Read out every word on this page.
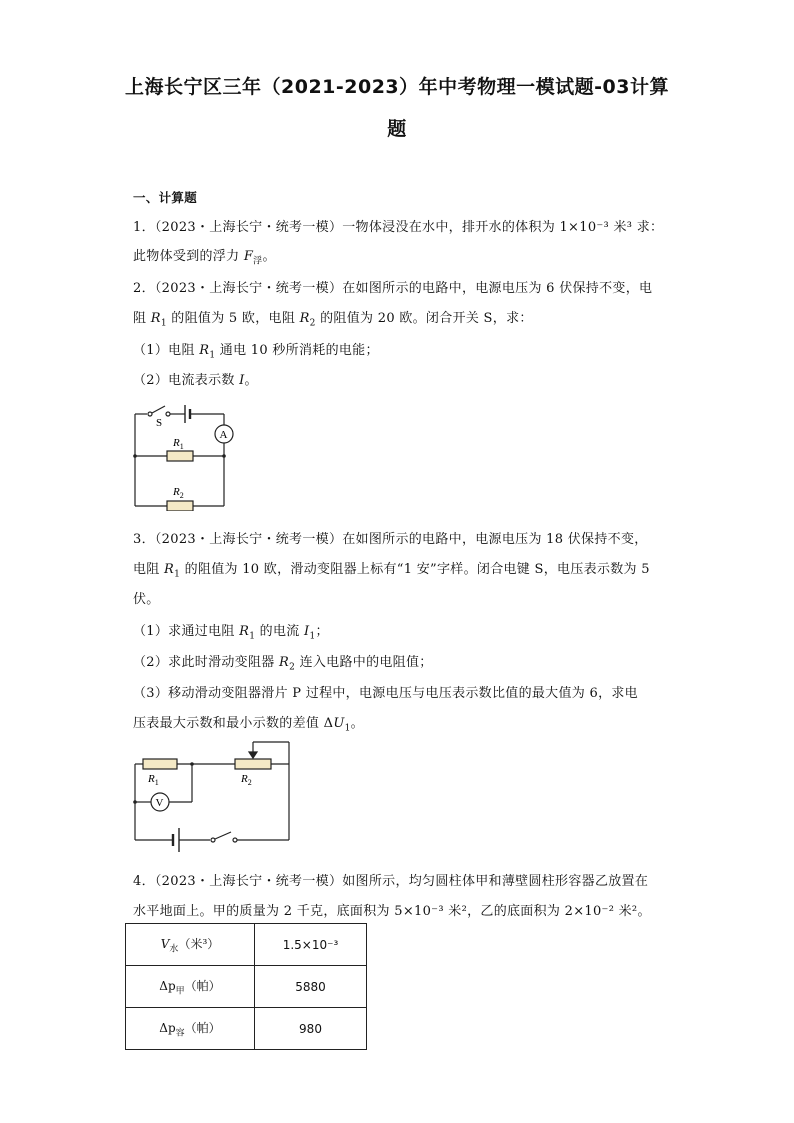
上海长宁区三年（2021-2023）年中考物理一模试题-03计算
题
一、计算题
1．（2023・上海长宁・统考一模）一物体浸没在水中，排开水的体积为 1×10⁻³ 米³ 求：
此物体受到的浮力 $F_浮$。
2．（2023・上海长宁・统考一模）在如图所示的电路中，电源电压为 6 伏保持不变，电
阻 $R_1$ 的阻值为 5 欧，电阻 $R_2$ 的阻值为 20 欧。闭合开关 S，求：
（1）电阻 $R_1$ 通电 10 秒所消耗的电能；
（2）电流表示数 I。
S
A
$R_1$
$R_2$
3．（2023・上海长宁・统考一模）在如图所示的电路中，电源电压为 18 伏保持不变，
电阻 $R_1$ 的阻值为 10 欧，滑动变阻器上标有“1 安”字样。闭合电键 S，电压表示数为 5
伏。
（1）求通过电阻 $R_1$ 的电流 $I_1$；
（2）求此时滑动变阻器 $R_2$ 连入电路中的电阻值；
（3）移动滑动变阻器滑片 P 过程中，电源电压与电压表示数比值的最大值为 6，求电
压表最大示数和最小示数的差值 $\Delta U_1$。
V
$R_1$	$R_2$
4．（2023・上海长宁・统考一模）如图所示，均匀圆柱体甲和薄壁圆柱形容器乙放置在
水平地面上。甲的质量为 2 千克，底面积为 5×10⁻³ 米²，乙的底面积为 2×10⁻² 米²。
$V_水$（米³）	1.5×10⁻³
$\Delta p_甲$（帕）	5880
$\Delta p_容$（帕）	980
